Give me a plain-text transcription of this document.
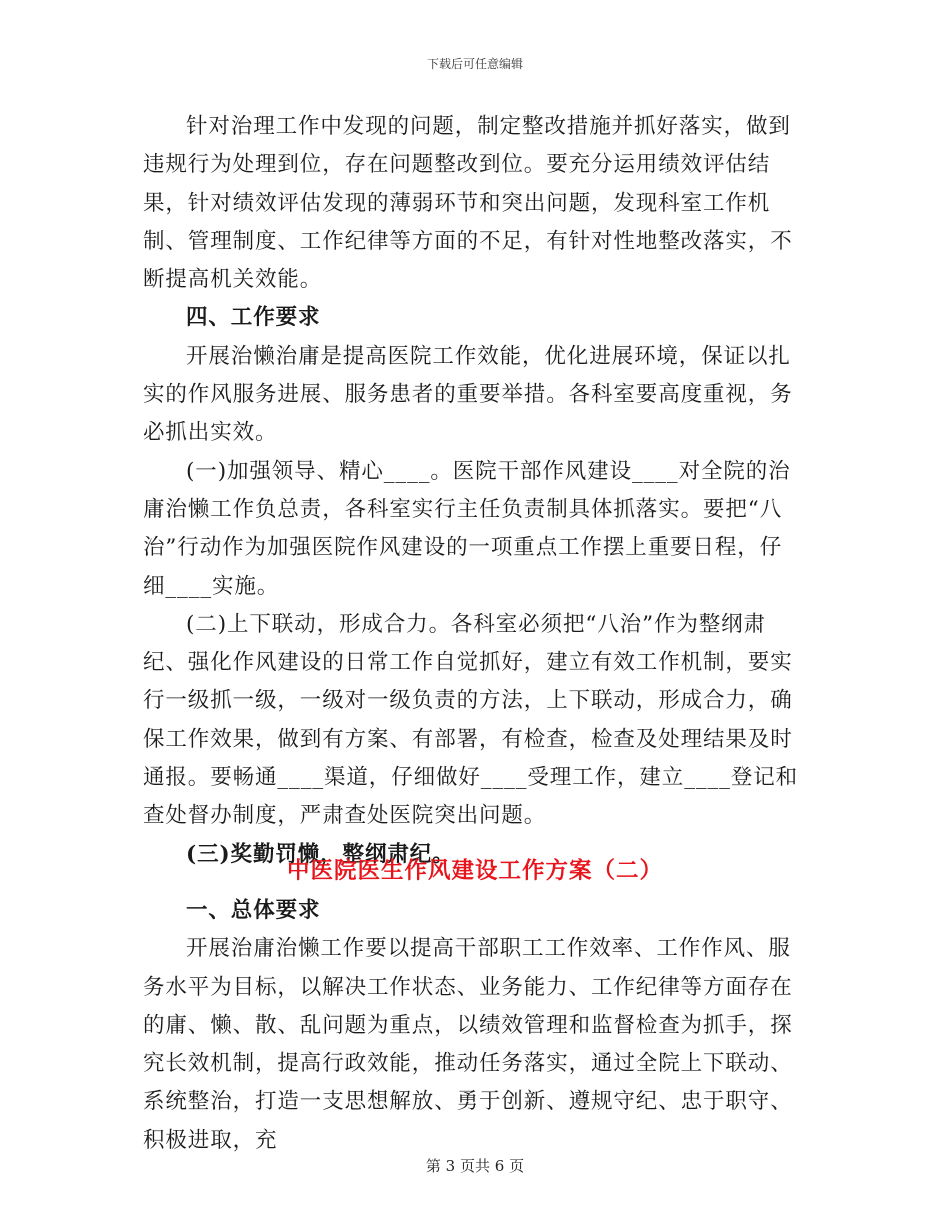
下载后可任意编辑

针对治理工作中发现的问题，制定整改措施并抓好落实，做到违规行为处理到位，存在问题整改到位。要充分运用绩效评估结果，针对绩效评估发现的薄弱环节和突出问题，发现科室工作机制、管理制度、工作纪律等方面的不足，有针对性地整改落实，不断提高机关效能。

四、工作要求

开展治懒治庸是提高医院工作效能，优化进展环境，保证以扎实的作风服务进展、服务患者的重要举措。各科室要高度重视，务必抓出实效。

(一)加强领导、精心____。医院干部作风建设____对全院的治庸治懒工作负总责，各科室实行主任负责制具体抓落实。要把“八治”行动作为加强医院作风建设的一项重点工作摆上重要日程，仔细____实施。

(二)上下联动，形成合力。各科室必须把“八治”作为整纲肃纪、强化作风建设的日常工作自觉抓好，建立有效工作机制，要实行一级抓一级，一级对一级负责的方法，上下联动，形成合力，确保工作效果，做到有方案、有部署，有检查，检查及处理结果及时通报。要畅通____渠道，仔细做好____受理工作，建立____登记和查处督办制度，严肃查处医院突出问题。

(三)奖勤罚懒，整纲肃纪。

中医院医生作风建设工作方案（二）

一、总体要求

开展治庸治懒工作要以提高干部职工工作效率、工作作风、服务水平为目标，以解决工作状态、业务能力、工作纪律等方面存在的庸、懒、散、乱问题为重点，以绩效管理和监督检查为抓手，探究长效机制，提高行政效能，推动任务落实，通过全院上下联动、系统整治，打造一支思想解放、勇于创新、遵规守纪、忠于职守、积极进取，充

第 3 页共 6 页
